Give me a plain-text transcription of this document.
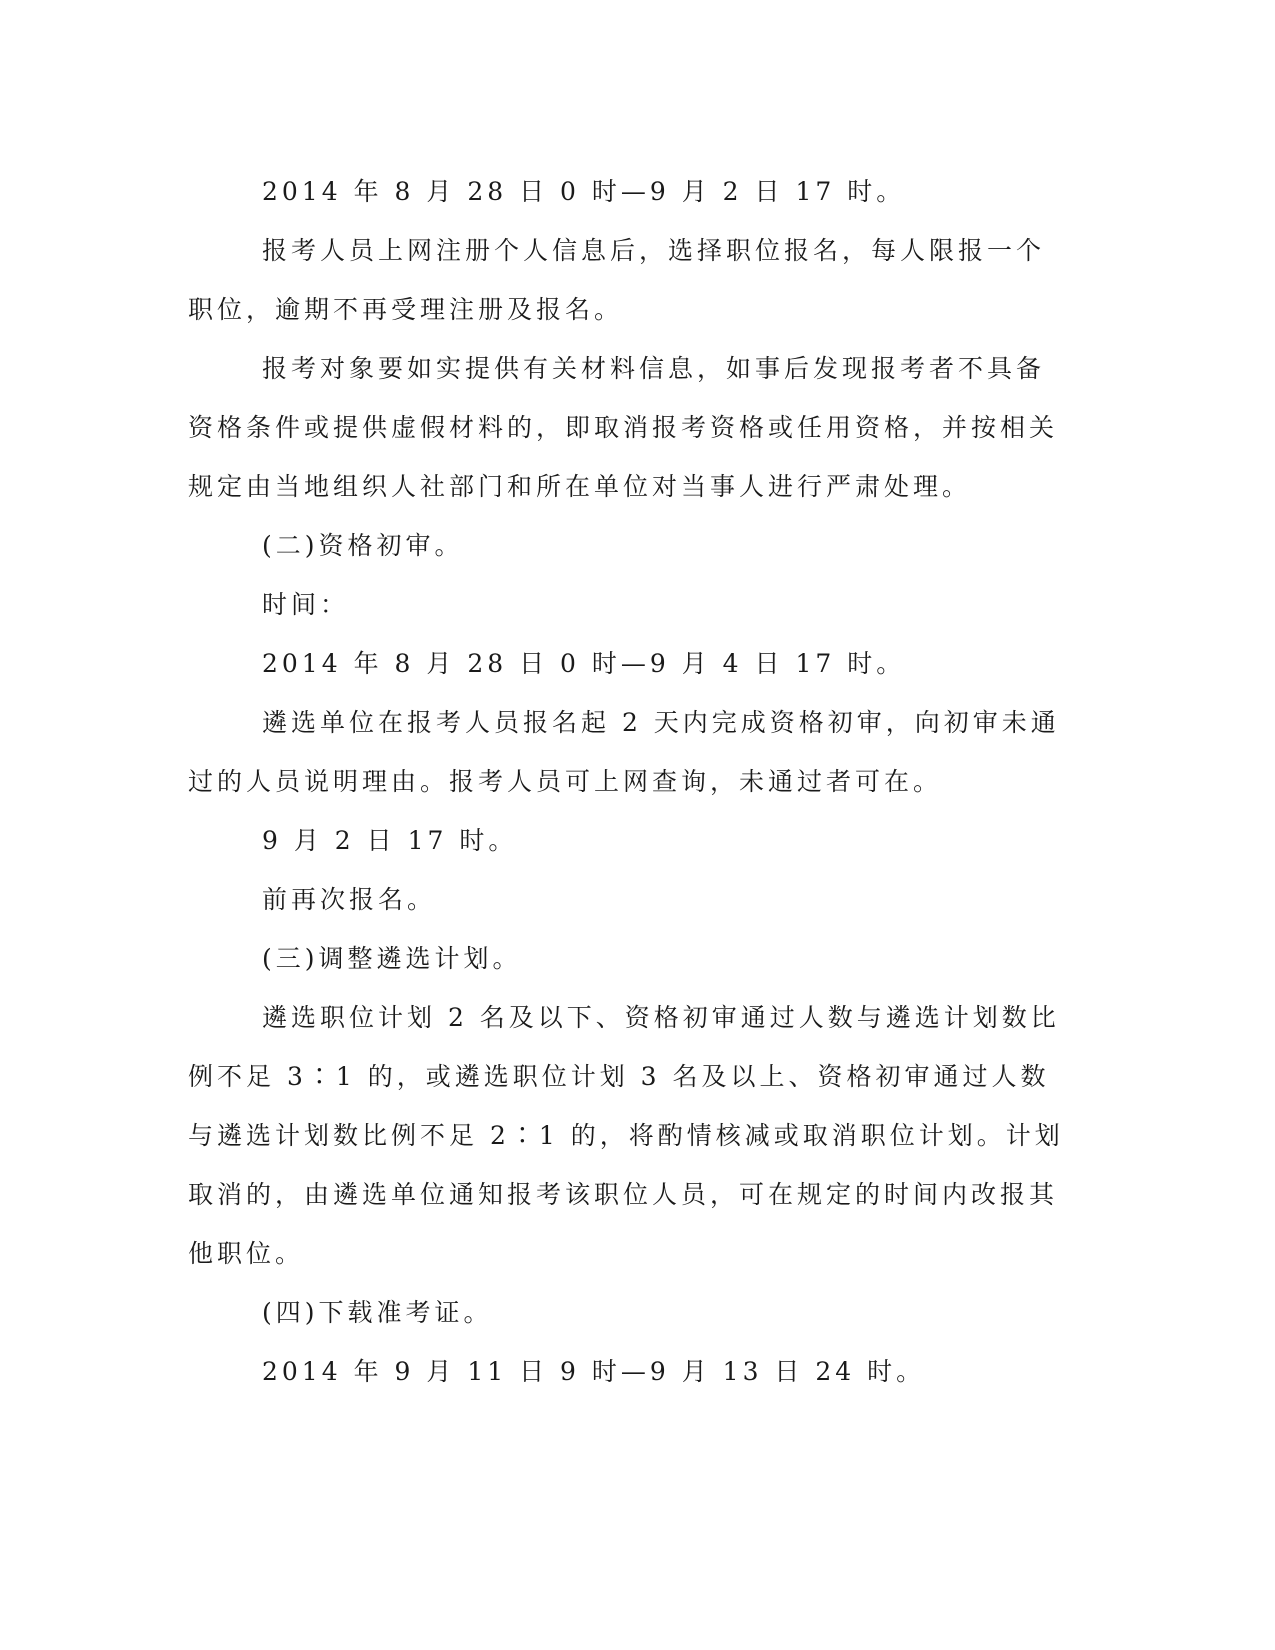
2014 年 8 月 28 日 0 时—9 月 2 日 17 时。

报考人员上网注册个人信息后，选择职位报名，每人限报一个职位，逾期不再受理注册及报名。

报考对象要如实提供有关材料信息，如事后发现报考者不具备资格条件或提供虚假材料的，即取消报考资格或任用资格，并按相关规定由当地组织人社部门和所在单位对当事人进行严肃处理。

(二)资格初审。

时间：

2014 年 8 月 28 日 0 时—9 月 4 日 17 时。

遴选单位在报考人员报名起 2 天内完成资格初审，向初审未通过的人员说明理由。报考人员可上网查询，未通过者可在。

9 月 2 日 17 时。

前再次报名。

(三)调整遴选计划。

遴选职位计划 2 名及以下、资格初审通过人数与遴选计划数比例不足 3∶1 的，或遴选职位计划 3 名及以上、资格初审通过人数与遴选计划数比例不足 2∶1 的，将酌情核减或取消职位计划。计划取消的，由遴选单位通知报考该职位人员，可在规定的时间内改报其他职位。

(四)下载准考证。

2014 年 9 月 11 日 9 时—9 月 13 日 24 时。
